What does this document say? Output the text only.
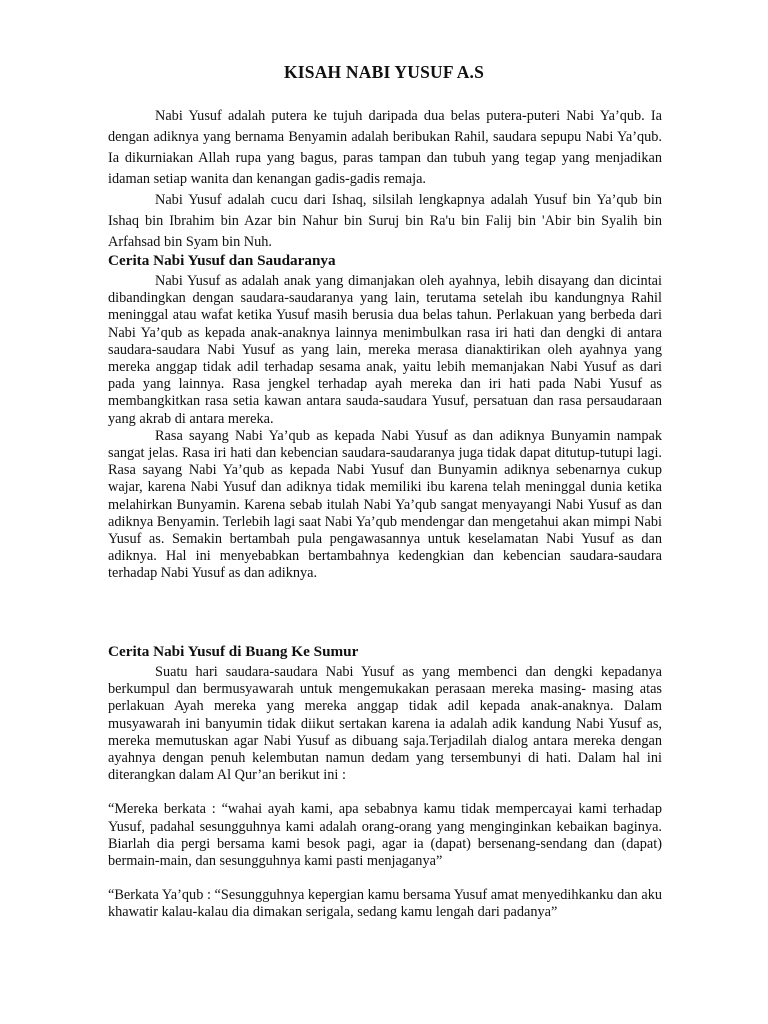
KISAH NABI YUSUF A.S

Nabi Yusuf adalah putera ke tujuh daripada dua belas putera-puteri Nabi Ya’qub. Ia dengan adiknya yang bernama Benyamin adalah beribukan Rahil, saudara sepupu Nabi Ya’qub. Ia dikurniakan Allah rupa yang bagus, paras tampan dan tubuh yang tegap yang menjadikan idaman setiap wanita dan kenangan gadis-gadis remaja.

Nabi Yusuf adalah cucu dari Ishaq, silsilah lengkapnya adalah Yusuf bin Ya’qub bin Ishaq bin Ibrahim bin Azar bin Nahur bin Suruj bin Ra'u bin Falij bin 'Abir bin Syalih bin Arfahsad bin Syam bin Nuh.

Cerita Nabi Yusuf dan Saudaranya

Nabi Yusuf as adalah anak yang dimanjakan oleh ayahnya, lebih disayang dan dicintai dibandingkan dengan saudara-saudaranya yang lain, terutama setelah ibu kandungnya Rahil meninggal atau wafat ketika Yusuf masih berusia dua belas tahun. Perlakuan yang berbeda dari Nabi Ya’qub as kepada anak-anaknya lainnya menimbulkan rasa iri hati dan dengki di antara saudara-saudara Nabi Yusuf as yang lain, mereka merasa dianaktirikan oleh ayahnya yang mereka anggap tidak adil terhadap sesama anak, yaitu lebih memanjakan Nabi Yusuf as dari pada yang lainnya. Rasa jengkel terhadap ayah mereka dan iri hati pada Nabi Yusuf as membangkitkan rasa setia kawan antara sauda-saudara Yusuf, persatuan dan rasa persaudaraan yang akrab di antara mereka.

Rasa sayang Nabi Ya’qub as kepada Nabi Yusuf as dan adiknya Bunyamin nampak sangat jelas. Rasa iri hati dan kebencian saudara-saudaranya juga tidak dapat ditutup-tutupi lagi. Rasa sayang Nabi Ya’qub as kepada Nabi Yusuf dan Bunyamin adiknya sebenarnya cukup wajar, karena Nabi Yusuf dan adiknya tidak memiliki ibu karena telah meninggal dunia ketika melahirkan Bunyamin. Karena sebab itulah Nabi Ya’qub sangat menyayangi Nabi Yusuf as dan adiknya Benyamin. Terlebih lagi saat Nabi Ya’qub mendengar dan mengetahui akan mimpi Nabi Yusuf as. Semakin bertambah pula pengawasannya untuk keselamatan Nabi Yusuf as dan adiknya. Hal ini menyebabkan bertambahnya kedengkian dan kebencian saudara-saudara terhadap Nabi Yusuf as dan adiknya.

Cerita Nabi Yusuf di Buang Ke Sumur

Suatu hari saudara-saudara Nabi Yusuf as yang membenci dan dengki kepadanya berkumpul dan bermusyawarah untuk mengemukakan perasaan mereka masing- masing atas perlakuan Ayah mereka yang mereka anggap tidak adil kepada anak-anaknya. Dalam musyawarah ini banyumin tidak diikut sertakan karena ia adalah adik kandung Nabi Yusuf as, mereka memutuskan agar Nabi Yusuf as dibuang saja.Terjadilah dialog antara mereka dengan ayahnya dengan penuh kelembutan namun dedam yang tersembunyi di hati. Dalam hal ini diterangkan dalam Al Qur’an berikut ini :

“Mereka berkata : “wahai ayah kami, apa sebabnya kamu tidak mempercayai kami terhadap Yusuf, padahal sesungguhnya kami adalah orang-orang yang menginginkan kebaikan baginya. Biarlah dia pergi bersama kami besok pagi, agar ia (dapat) bersenang-sendang dan (dapat) bermain-main, dan sesungguhnya kami pasti menjaganya”

“Berkata Ya’qub : “Sesungguhnya kepergian kamu bersama Yusuf amat menyedihkanku dan aku khawatir kalau-kalau dia dimakan serigala, sedang kamu lengah dari padanya”
